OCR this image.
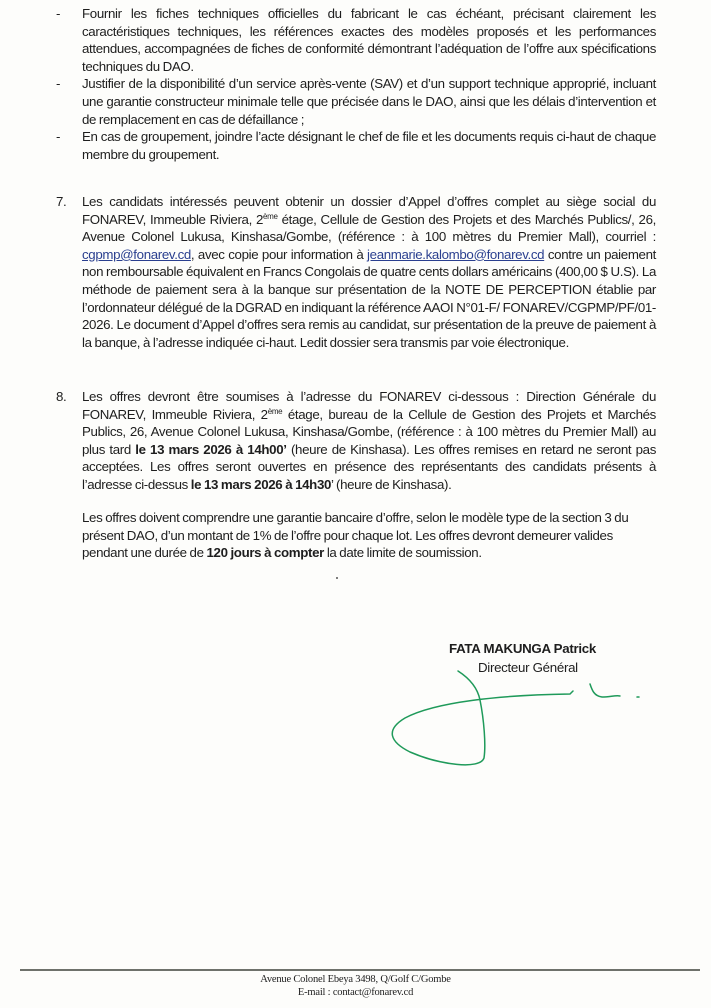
- Fournir les fiches techniques officielles du fabricant le cas échéant, précisant clairement les caractéristiques techniques, les références exactes des modèles proposés et les performances attendues, accompagnées de fiches de conformité démontrant l’adéquation de l’offre aux spécifications techniques du DAO.
- Justifier de la disponibilité d’un service après-vente (SAV) et d’un support technique approprié, incluant une garantie constructeur minimale telle que précisée dans le DAO, ainsi que les délais d’intervention et de remplacement en cas de défaillance ;
- En cas de groupement, joindre l’acte désignant le chef de file et les documents requis ci-haut de chaque membre du groupement.
7.	Les candidats intéressés peuvent obtenir un dossier d’Appel d’offres complet au siège social du FONAREV, Immeuble Riviera, 2ème étage, Cellule de Gestion des Projets et des Marchés Publics/, 26, Avenue Colonel Lukusa, Kinshasa/Gombe, (référence : à 100 mètres du Premier Mall), courriel : cgpmp@fonarev.cd, avec copie pour information à jeanmarie.kalombo@fonarev.cd contre un paiement non remboursable équivalent en Francs Congolais de quatre cents dollars américains (400,00 $ U.S). La méthode de paiement sera à la banque sur présentation de la NOTE DE PERCEPTION établie par l’ordonnateur délégué de la DGRAD en indiquant la référence AAOI N°01-F/ FONAREV/CGPMP/PF/01-2026. Le document d’Appel d’offres sera remis au candidat, sur présentation de la preuve de paiement à la banque, à l’adresse indiquée ci-haut. Ledit dossier sera transmis par voie électronique.
8.	Les offres devront être soumises à l’adresse du FONAREV ci-dessous : Direction Générale du FONAREV, Immeuble Riviera, 2ème étage, bureau de la Cellule de Gestion des Projets et Marchés Publics, 26, Avenue Colonel Lukusa, Kinshasa/Gombe, (référence : à 100 mètres du Premier Mall) au plus tard le 13 mars 2026 à 14h00’ (heure de Kinshasa). Les offres remises en retard ne seront pas acceptées. Les offres seront ouvertes en présence des représentants des candidats présents à l’adresse ci-dessus le 13 mars 2026 à 14h30’ (heure de Kinshasa).
Les offres doivent comprendre une garantie bancaire d’offre, selon le modèle type de la section 3 du présent DAO, d’un montant de 1% de l’offre pour chaque lot. Les offres devront demeurer valides pendant une durée de 120 jours à compter la date limite de soumission.
FATA MAKUNGA Patrick
Directeur Général
Avenue Colonel Ebeya 3498, Q/Golf C/Gombe
E-mail : contact@fonarev.cd
